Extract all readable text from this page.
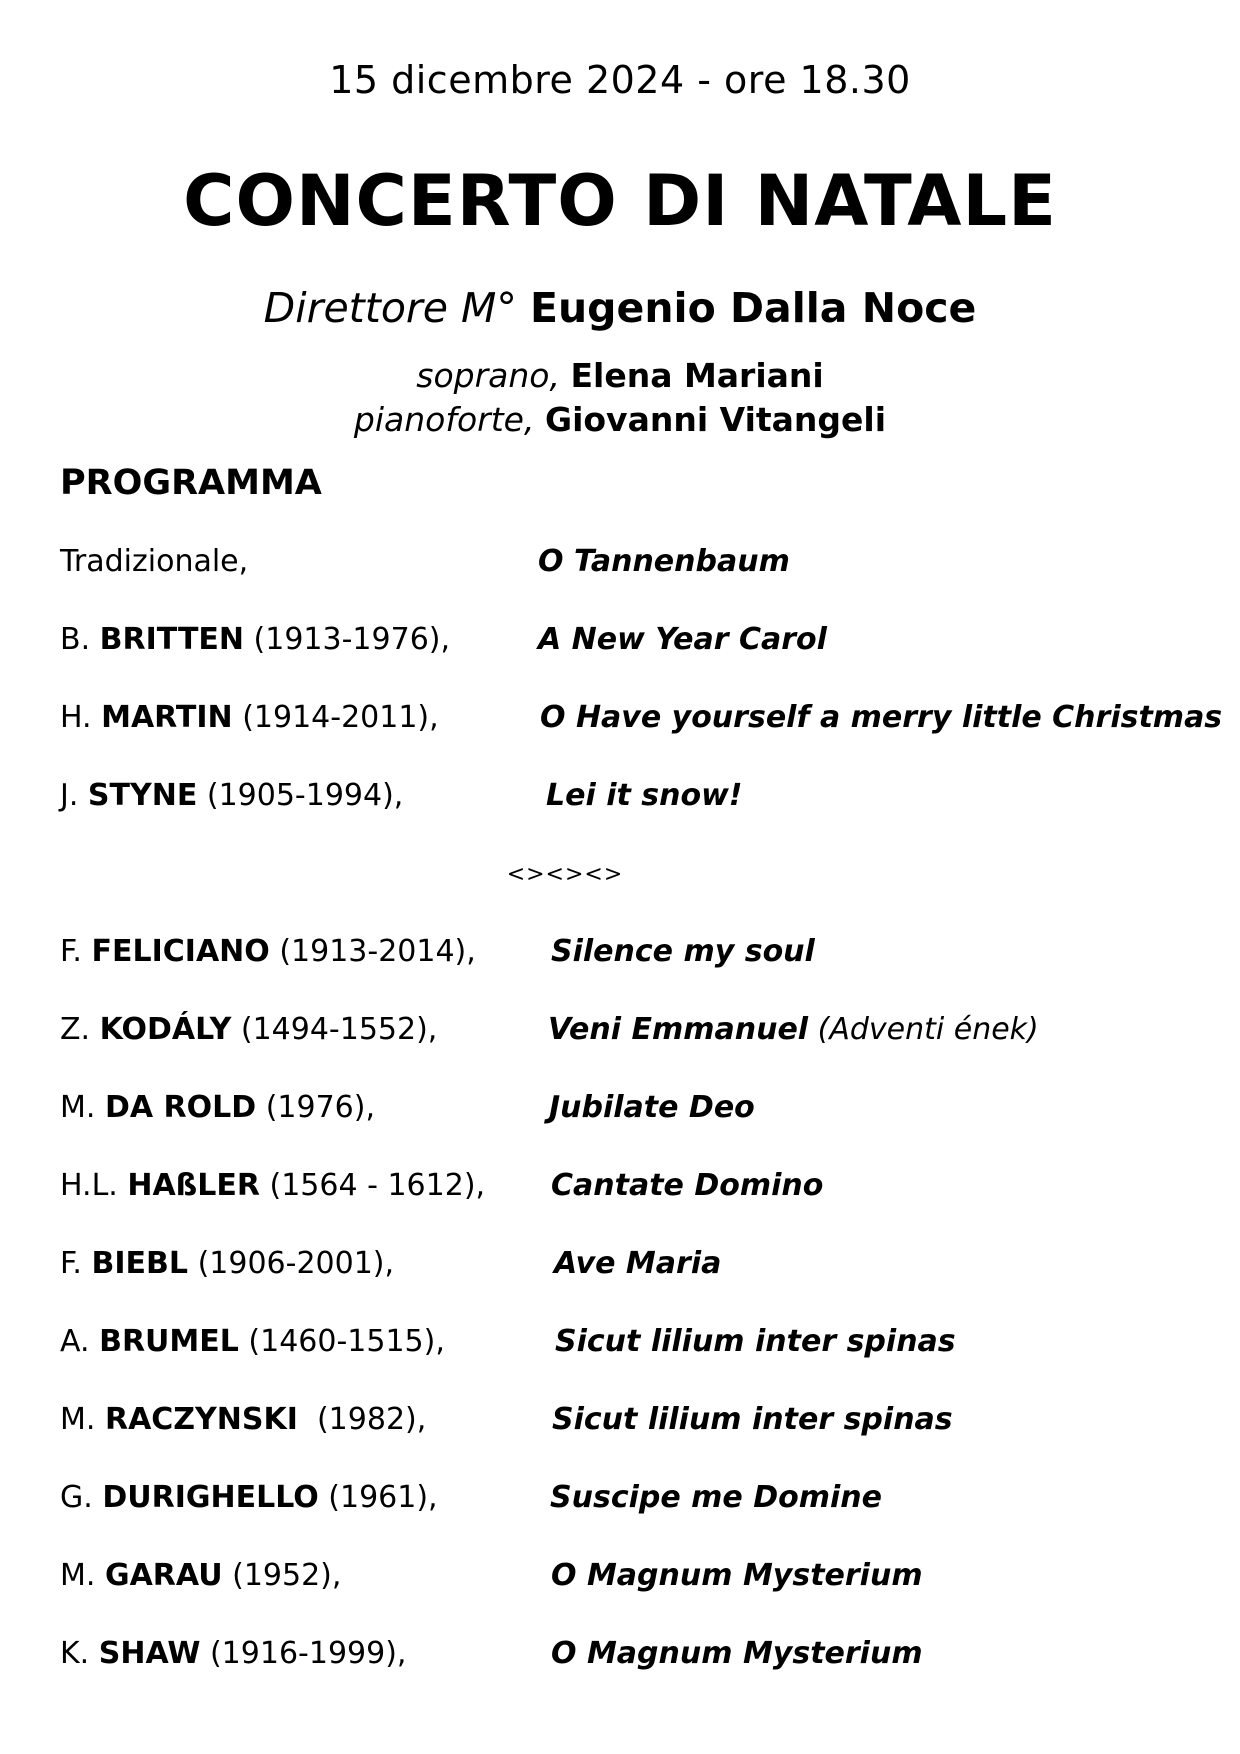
15 dicembre 2024 - ore 18.30
CONCERTO DI NATALE
Direttore M° Eugenio Dalla Noce
soprano, Elena Mariani
pianoforte, Giovanni Vitangeli
PROGRAMMA
Tradizionale,	O Tannenbaum
B. BRITTEN (1913-1976),	A New Year Carol
H. MARTIN (1914-2011),	O Have yourself a merry little Christmas
J. STYNE (1905-1994),	Lei it snow!
<><><>
F. FELICIANO (1913-2014),	Silence my soul
Z. KODÁLY (1494-1552),	Veni Emmanuel (Adventi ének)
M. DA ROLD (1976),	Jubilate Deo
H.L. HAßLER (1564 - 1612), Cantate Domino
F. BIEBL (1906-2001),	Ave Maria
A. BRUMEL (1460-1515),	Sicut lilium inter spinas
M. RACZYNSKI  (1982),	Sicut lilium inter spinas
G. DURIGHELLO (1961),	Suscipe me Domine
M. GARAU (1952),	O Magnum Mysterium
K. SHAW (1916-1999),	O Magnum Mysterium
